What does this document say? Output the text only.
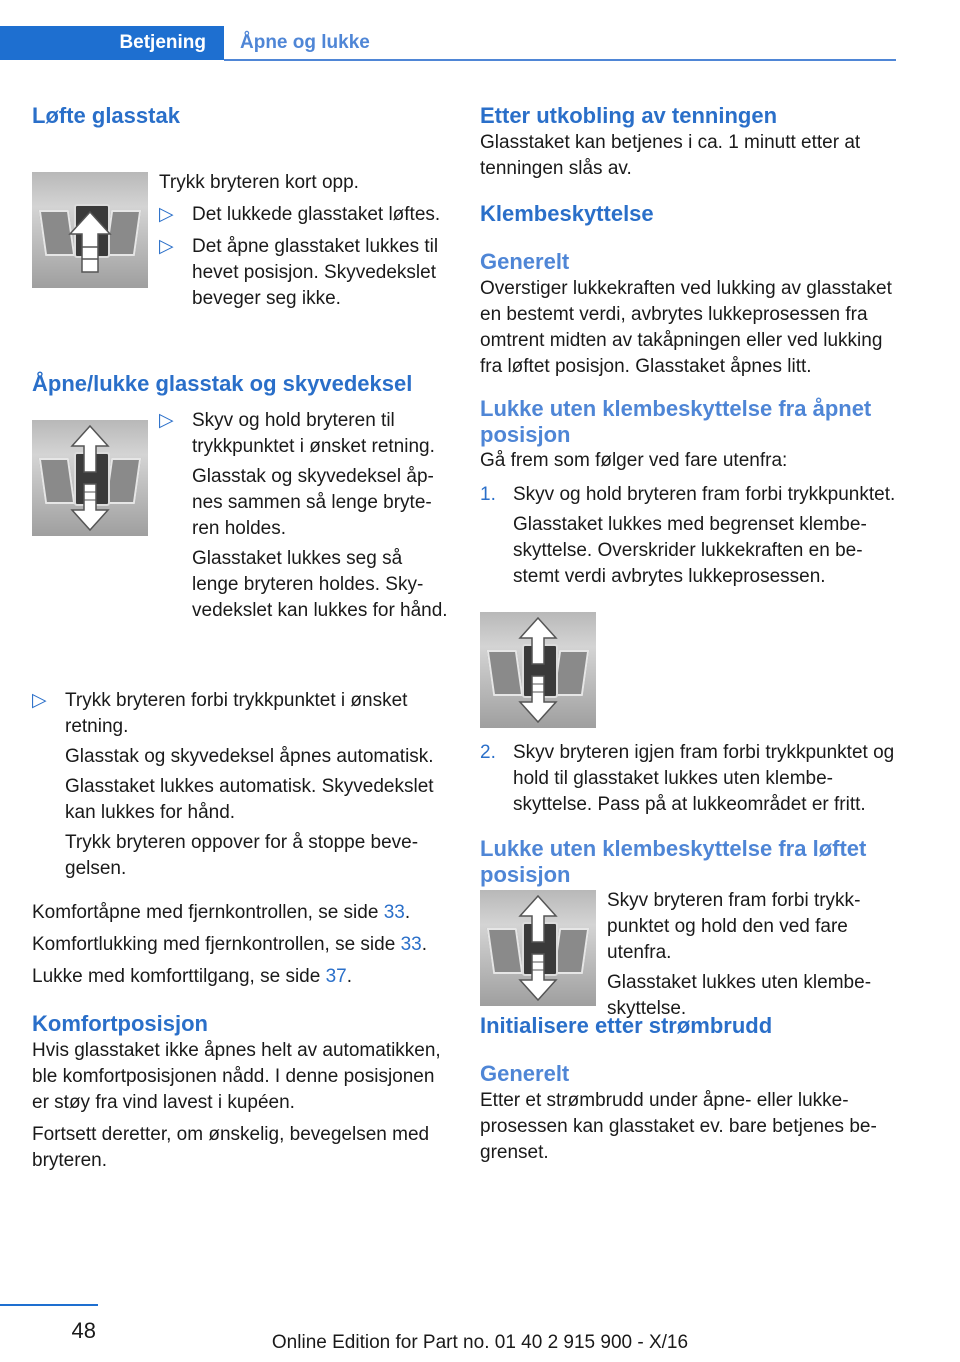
Betjening	Åpne og lukke
Løfte glasstak

Trykk bryteren kort opp.

▷ Det lukkede glasstaket løftes.
▷ Det åpne glasstaket lukkes til hevet posisjon. Skyvedekslet beveger seg ikke.
Åpne/lukke glasstak og skyvedeksel
▷ Skyv og hold bryteren til trykkpunktet i ønsket retning.

Glasstak og skyvedeksel åpnes sammen så lenge bryteren holdes.

Glasstaket lukkes seg så lenge bryteren holdes. Skyvedekslet kan lukkes for hånd.

▷ Trykk bryteren forbi trykkpunktet i ønsket retning.

Glasstak og skyvedeksel åpnes automatisk.

Glasstaket lukkes automatisk. Skyvedekslet kan lukkes for hånd.

Trykk bryteren oppover for å stoppe bevegelsen.

Komfortåpne med fjernkontrollen, se side 33.

Komfortlukking med fjernkontrollen, se side 33.

Lukke med komforttilgang, se side 37.

Komfortposisjon

Hvis glasstaket ikke åpnes helt av automatikken, ble komfortposisjonen nådd. I denne posisjonen er støy fra vind lavest i kupéen.

Fortsett deretter, om ønskelig, bevegelsen med bryteren.

Etter utkobling av tenningen

Glasstaket kan betjenes i ca. 1 minutt etter at tenningen slås av.

Klembeskyttelse
Generelt

Overstiger lukkekraften ved lukking av glasstaket en bestemt verdi, avbrytes lukkeprosessen fra omtrent midten av takåpningen eller ved lukking fra løftet posisjon. Glasstaket åpnes litt.

Lukke uten klembeskyttelse fra åpnet posisjon

Gå frem som følger ved fare utenfra:

1. Skyv og hold bryteren fram forbi trykkpunktet.

Glasstaket lukkes med begrenset klembeskyttelse. Overskrider lukkekraften en bestemt verdi avbrytes lukkeprosessen.

2. Skyv bryteren igjen fram forbi trykkpunktet og hold til glasstaket lukkes uten klembeskyttelse. Pass på at lukkeområdet er fritt.
Lukke uten klembeskyttelse fra løftet posisjon

Skyv bryteren fram forbi trykkpunktet og hold den ved fare utenfra.

Glasstaket lukkes uten klembeskyttelse.

Initialisere etter strømbrudd
Generelt

Etter et strømbrudd under åpne- eller lukkeprosessen kan glasstaket ev. bare betjenes begrenset.

48	Online Edition for Part no. 01 40 2 915 900 - X/16
